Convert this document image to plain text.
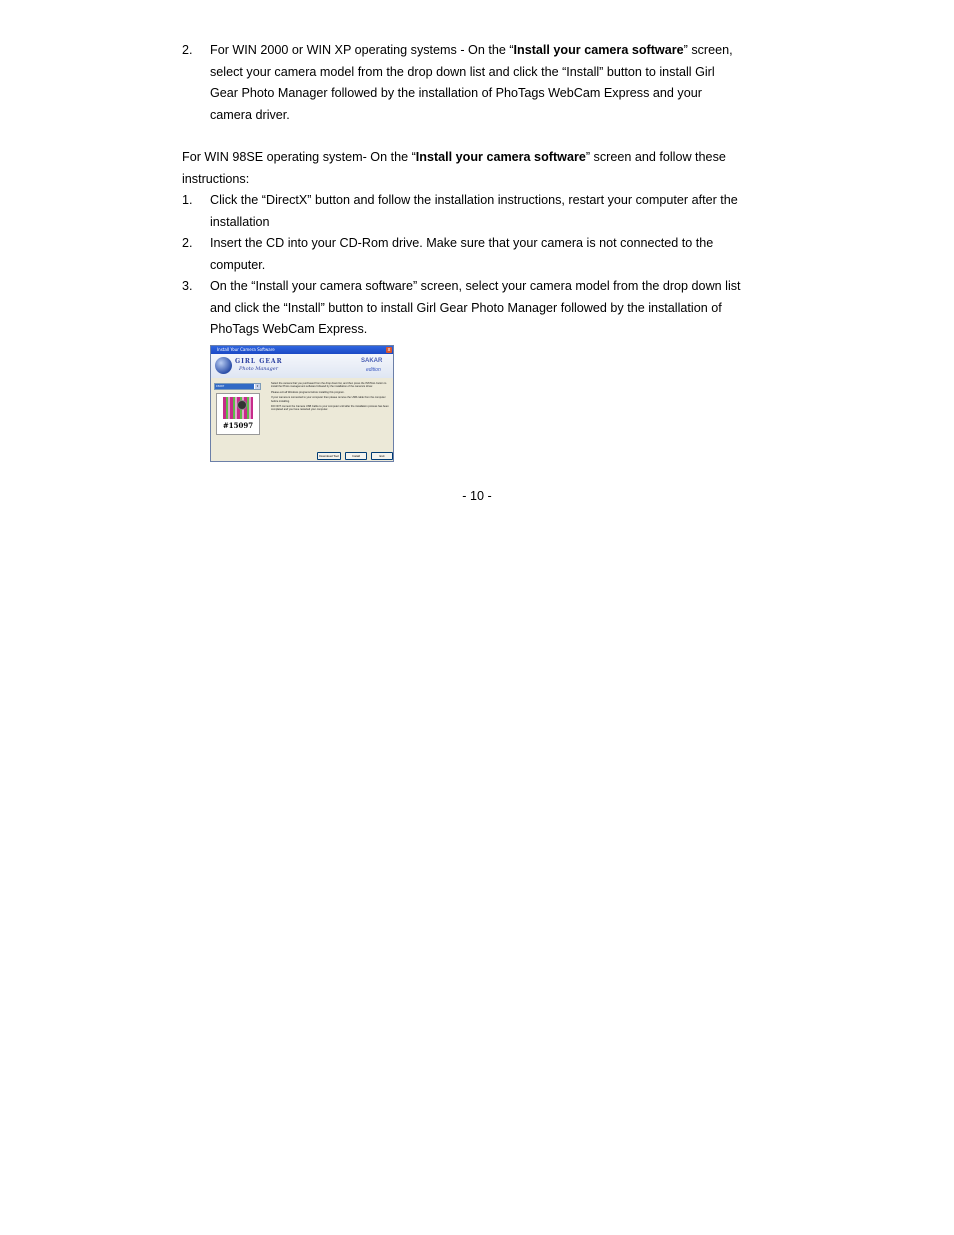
2.	For WIN 2000 or WIN XP operating systems - On the “Install your camera software” screen, select your camera model from the drop down list and click the “Install” button to install Girl Gear Photo Manager followed by the installation of PhoTags WebCam Express and your camera driver.
For WIN 98SE operating system- On the “Install your camera software” screen and follow these instructions:
1.	Click the “DirectX” button and follow the installation instructions, restart your computer after the installation
2.	Insert the CD into your CD-Rom drive. Make sure that your camera is not connected to the computer.
3.	On the “Install your camera software” screen, select your camera model from the drop down list and click the “Install” button to install Girl Gear Photo Manager followed by the installation of PhoTags WebCam Express.
Install Your Camera Software	x
GIRL GEAR
Photo Manager
SAKAR
edition
15097	▾
#15097

Select the camera that you purchased from the drop down list, and then press the INSTALL button to install the Photo management software followed by the installation of the camera's driver.

Please exit all Windows programs before installing this program.

If your camera is connected to your computer then please remove the USB cable from the computer before installing.

DO NOT connect the Camera USB Cable to your computer until after the installation process has been completed and you have restarted your computer.

Download Tool	Install	Exit
- 10 -
